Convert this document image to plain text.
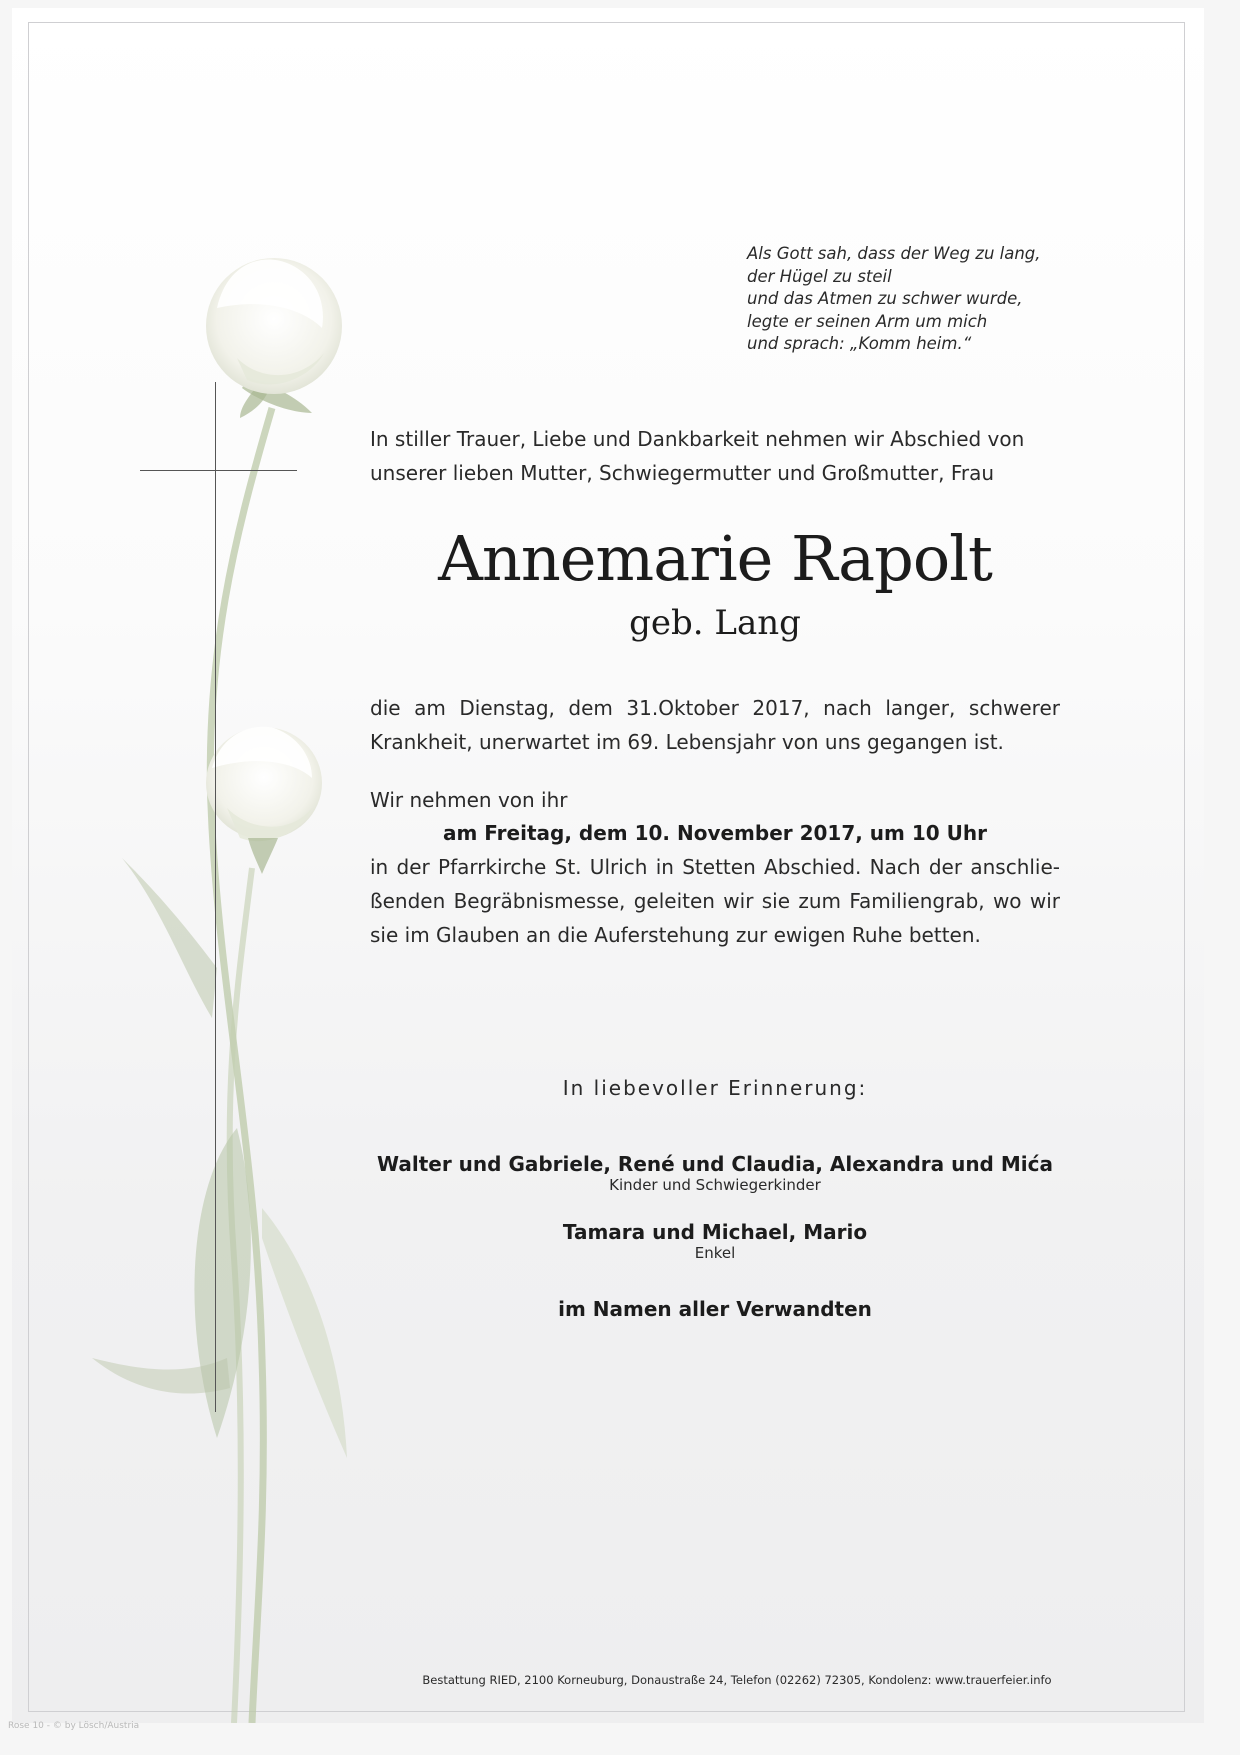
Als Gott sah, dass der Weg zu lang,
der Hügel zu steil
und das Atmen zu schwer wurde,
legte er seinen Arm um mich
und sprach: „Komm heim.“
In stiller Trauer, Liebe und Dankbarkeit nehmen wir Abschied von
unserer lieben Mutter, Schwiegermutter und Großmutter, Frau
Annemarie Rapolt
geb. Lang
die am Dienstag, dem 31.Oktober 2017, nach langer, schwerer
Krankheit, unerwartet im 69. Lebensjahr von uns gegangen ist.
Wir nehmen von ihr
am Freitag, dem 10. November 2017, um 10 Uhr
in der Pfarrkirche St. Ulrich in Stetten Abschied. Nach der anschlie-
ßenden Begräbnismesse, geleiten wir sie zum Familiengrab, wo wir
sie im Glauben an die Auferstehung zur ewigen Ruhe betten.
In liebevoller Erinnerung:
Walter und Gabriele, René und Claudia, Alexandra und Mića
Kinder und Schwiegerkinder
Tamara und Michael, Mario
Enkel
im Namen aller Verwandten
Bestattung RIED, 2100 Korneuburg, Donaustraße 24, Telefon (02262) 72305, Kondolenz: www.trauerfeier.info
Rose 10 - © by Lösch/Austria
